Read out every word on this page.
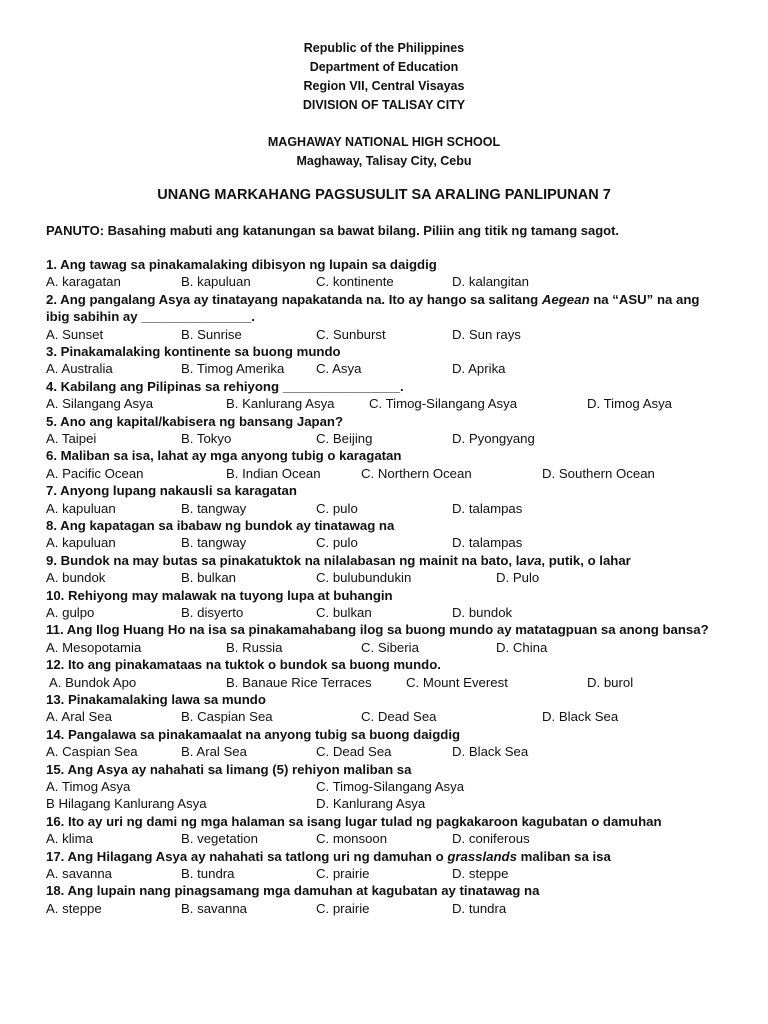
Republic of the Philippines
Department of Education
Region VII, Central Visayas
DIVISION OF TALISAY CITY
MAGHAWAY NATIONAL HIGH SCHOOL
Maghaway, Talisay City, Cebu
UNANG MARKAHANG PAGSUSULIT SA ARALING PANLIPUNAN 7
PANUTO: Basahing mabuti ang katanungan sa bawat bilang. Piliin ang titik ng tamang sagot.
1. Ang tawag sa pinakamalaking dibisyon ng lupain sa daigdig
A. karagatan	B. kapuluan	C. kontinente	D. kalangitan
2. Ang pangalang Asya ay tinatayang napakatanda na. Ito ay hango sa salitang Aegean na “ASU” na ang ibig sabihin ay _______________.
A. Sunset	B. Sunrise	C. Sunburst	D. Sun rays
3. Pinakamalaking kontinente sa buong mundo
A. Australia	B. Timog Amerika C. Asya	D. Aprika
4. Kabilang ang Pilipinas sa rehiyong ________________.
A. Silangang Asya	B. Kanlurang Asya	C. Timog-Silangang Asya	D. Timog Asya
5. Ano ang kapital/kabisera ng bansang Japan?
A. Taipei	B. Tokyo	C. Beijing	D. Pyongyang
6. Maliban sa isa, lahat ay mga anyong tubig o karagatan
A. Pacific Ocean	B. Indian Ocean	C. Northern Ocean	D. Southern Ocean
7. Anyong lupang nakausli sa karagatan
A. kapuluan	B. tangway	C. pulo	D. talampas
8. Ang kapatagan sa ibabaw ng bundok ay tinatawag na
A. kapuluan	B. tangway	C. pulo	D. talampas
9. Bundok na may butas sa pinakatuktok na nilalabasan ng mainit na bato, lava, putik, o lahar
A. bundok	B. bulkan	C. bulubundukin	D. Pulo
10. Rehiyong may malawak na tuyong lupa at buhangin
A. gulpo	B. disyerto	C. bulkan	D. bundok
11. Ang Ilog Huang Ho na isa sa pinakamahabang ilog sa buong mundo ay matatagpuan sa anong bansa?
A. Mesopotamia	B. Russia	C. Siberia	D. China
12. Ito ang pinakamataas na tuktok o bundok sa buong mundo.
A. Bundok Apo	B. Banaue Rice Terraces	C. Mount Everest	D. burol
13. Pinakamalaking lawa sa mundo
A. Aral Sea	B. Caspian Sea	C. Dead Sea	D. Black Sea
14. Pangalawa sa pinakamaalat na anyong tubig sa buong daigdig
A. Caspian Sea	B. Aral Sea	C. Dead Sea	D. Black Sea
15. Ang Asya ay nahahati sa limang (5) rehiyon maliban sa
A. Timog Asya	C. Timog-Silangang Asya
B Hilagang Kanlurang Asya	D. Kanlurang Asya
16. Ito ay uri ng dami ng mga halaman sa isang lugar tulad ng pagkakaroon kagubatan o damuhan
A. klima	B. vegetation	C. monsoon	D. coniferous
17. Ang Hilagang Asya ay nahahati sa tatlong uri ng damuhan o grasslands maliban sa isa
A. savanna	B. tundra	C. prairie	D. steppe
18. Ang lupain nang pinagsamang mga damuhan at kagubatan ay tinatawag na
A. steppe	B. savanna	C. prairie	D. tundra
